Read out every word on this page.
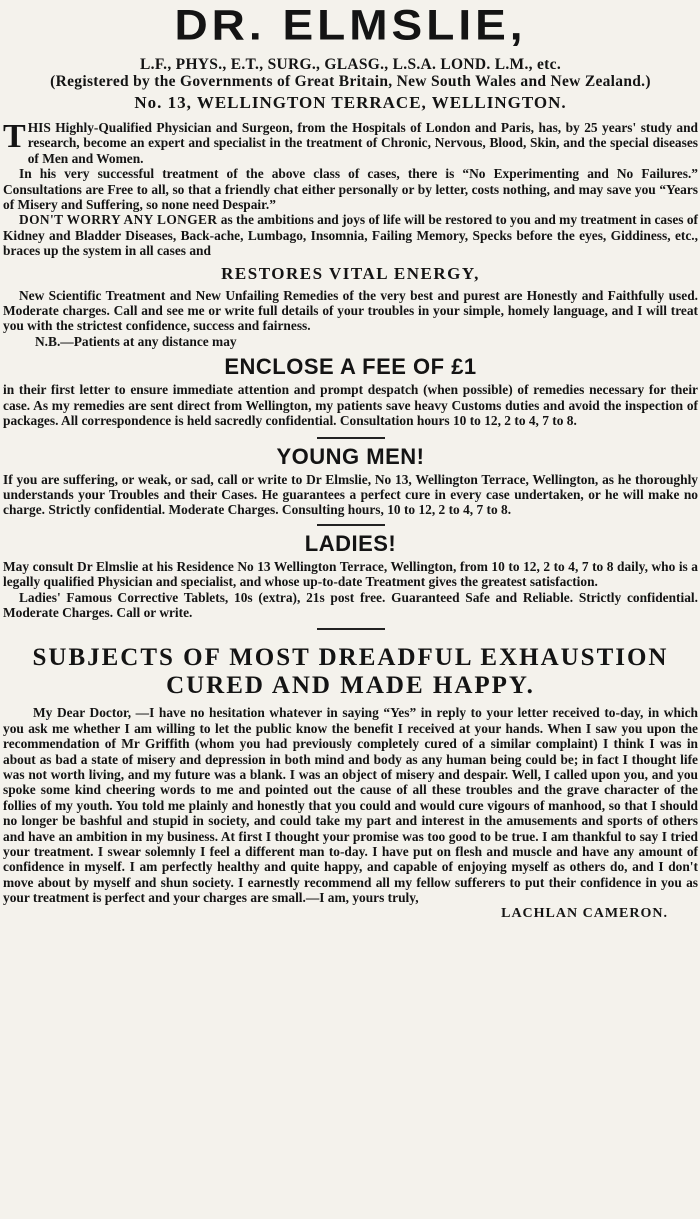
DR. ELMSLIE,
L.F., PHYS., E.T., SURG., GLASG., L.S.A. LOND. L.M., etc.
(Registered by the Governments of Great Britain, New South Wales and New Zealand.)
No. 13, WELLINGTON TERRACE, WELLINGTON.

THIS Highly-Qualified Physician and Surgeon, from the Hospitals of London and Paris, has, by 25 years' study and research, become an expert and specialist in the treatment of Chronic, Nervous, Blood, Skin, and the special diseases of Men and Women.

In his very successful treatment of the above class of cases, there is “No Experimenting and No Failures.” Consultations are Free to all, so that a friendly chat either personally or by letter, costs nothing, and may save you “Years of Misery and Suffering, so none need Despair.”

DON'T WORRY ANY LONGER as the ambitions and joys of life will be restored to you and my treatment in cases of Kidney and Bladder Diseases, Back-ache, Lumbago, Insomnia, Failing Memory, Specks before the eyes, Giddiness, etc., braces up the system in all cases and

RESTORES VITAL ENERGY,

New Scientific Treatment and New Unfailing Remedies of the very best and purest are Honestly and Faithfully used. Moderate charges. Call and see me or write full details of your troubles in your simple, homely language, and I will treat you with the strictest confidence, success and fairness.

N.B.—Patients at any distance may

ENCLOSE A FEE OF £1

in their first letter to ensure immediate attention and prompt despatch (when possible) of remedies necessary for their case. As my remedies are sent direct from Wellington, my patients save heavy Customs duties and avoid the inspection of packages. All correspondence is held sacredly confidential. Consultation hours 10 to 12, 2 to 4, 7 to 8.

YOUNG MEN!

If you are suffering, or weak, or sad, call or write to Dr Elmslie, No 13, Wellington Terrace, Wellington, as he thoroughly understands your Troubles and their Cases. He guarantees a perfect cure in every case undertaken, or he will make no charge. Strictly confidential. Moderate Charges. Consulting hours, 10 to 12, 2 to 4, 7 to 8.

LADIES!

May consult Dr Elmslie at his Residence No 13 Wellington Terrace, Wellington, from 10 to 12, 2 to 4, 7 to 8 daily, who is a legally qualified Physician and specialist, and whose up-to-date Treatment gives the greatest satisfaction.

Ladies' Famous Corrective Tablets, 10s (extra), 21s post free. Guaranteed Safe and Reliable. Strictly confidential. Moderate Charges. Call or write.

SUBJECTS OF MOST DREADFUL EXHAUSTION
CURED AND MADE HAPPY.

My Dear Doctor, —I have no hesitation whatever in saying “Yes” in reply to your letter received to-day, in which you ask me whether I am willing to let the public know the benefit I received at your hands. When I saw you upon the recommendation of Mr Griffith (whom you had previously completely cured of a similar complaint) I think I was in about as bad a state of misery and depression in both mind and body as any human being could be; in fact I thought life was not worth living, and my future was a blank. I was an object of misery and despair. Well, I called upon you, and you spoke some kind cheering words to me and pointed out the cause of all these troubles and the grave character of the follies of my youth. You told me plainly and honestly that you could and would cure vigours of manhood, so that I should no longer be bashful and stupid in society, and could take my part and interest in the amusements and sports of others and have an ambition in my business. At first I thought your promise was too good to be true. I am thankful to say I tried your treatment. I swear solemnly I feel a different man to-day. I have put on flesh and muscle and have any amount of confidence in myself. I am perfectly healthy and quite happy, and capable of enjoying myself as others do, and I don't move about by myself and shun society. I earnestly recommend all my fellow sufferers to put their confidence in you as your treatment is perfect and your charges are small.—I am, yours truly,

LACHLAN CAMERON.
